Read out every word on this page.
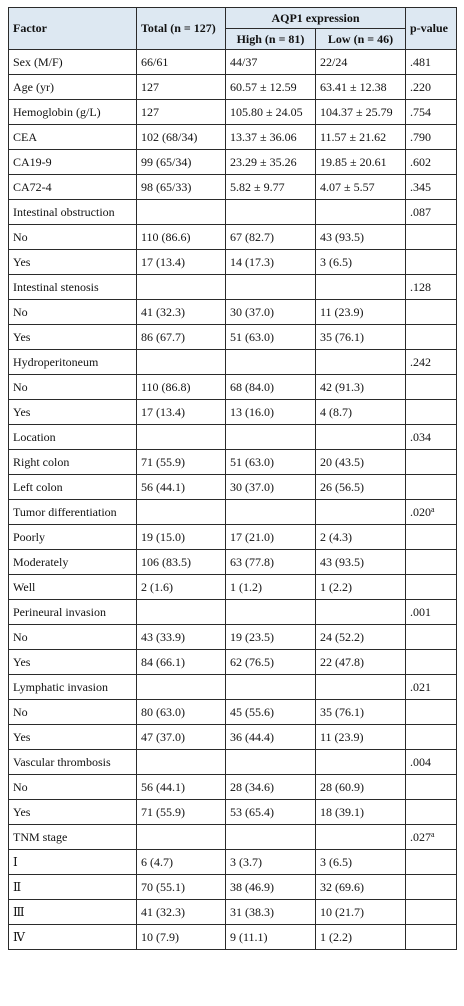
Factor	Total (n = 127)	AQP1 expression		p-value
		High (n = 81)	Low (n = 46)	
Sex (M/F)	66/61	44/37	22/24	.481
Age (yr)	127	60.57 ± 12.59	63.41 ± 12.38	.220
Hemoglobin (g/L)	127	105.80 ± 24.05	104.37 ± 25.79	.754
CEA	102 (68/34)	13.37 ± 36.06	11.57 ± 21.62	.790
CA19-9	99 (65/34)	23.29 ± 35.26	19.85 ± 20.61	.602
CA72-4	98 (65/33)	5.82 ± 9.77	4.07 ± 5.57	.345
Intestinal obstruction				.087
No	110 (86.6)	67 (82.7)	43 (93.5)	
Yes	17 (13.4)	14 (17.3)	3 (6.5)	
Intestinal stenosis				.128
No	41 (32.3)	30 (37.0)	11 (23.9)	
Yes	86 (67.7)	51 (63.0)	35 (76.1)	
Hydroperitoneum				.242
No	110 (86.8)	68 (84.0)	42 (91.3)	
Yes	17 (13.4)	13 (16.0)	4 (8.7)	
Location				.034
Right colon	71 (55.9)	51 (63.0)	20 (43.5)	
Left colon	56 (44.1)	30 (37.0)	26 (56.5)	
Tumor differentiation				.020$^a$
Poorly	19 (15.0)	17 (21.0)	2 (4.3)	
Moderately	106 (83.5)	63 (77.8)	43 (93.5)	
Well	2 (1.6)	1 (1.2)	1 (2.2)	
Perineural invasion				.001
No	43 (33.9)	19 (23.5)	24 (52.2)	
Yes	84 (66.1)	62 (76.5)	22 (47.8)	
Lymphatic invasion				.021
No	80 (63.0)	45 (55.6)	35 (76.1)	
Yes	47 (37.0)	36 (44.4)	11 (23.9)	
Vascular thrombosis				.004
No	56 (44.1)	28 (34.6)	28 (60.9)	
Yes	71 (55.9)	53 (65.4)	18 (39.1)	
TNM stage				.027$^a$
Ⅰ	6 (4.7)	3 (3.7)	3 (6.5)	
Ⅱ	70 (55.1)	38 (46.9)	32 (69.6)	
Ⅲ	41 (32.3)	31 (38.3)	10 (21.7)	
Ⅳ	10 (7.9)	9 (11.1)	1 (2.2)	
